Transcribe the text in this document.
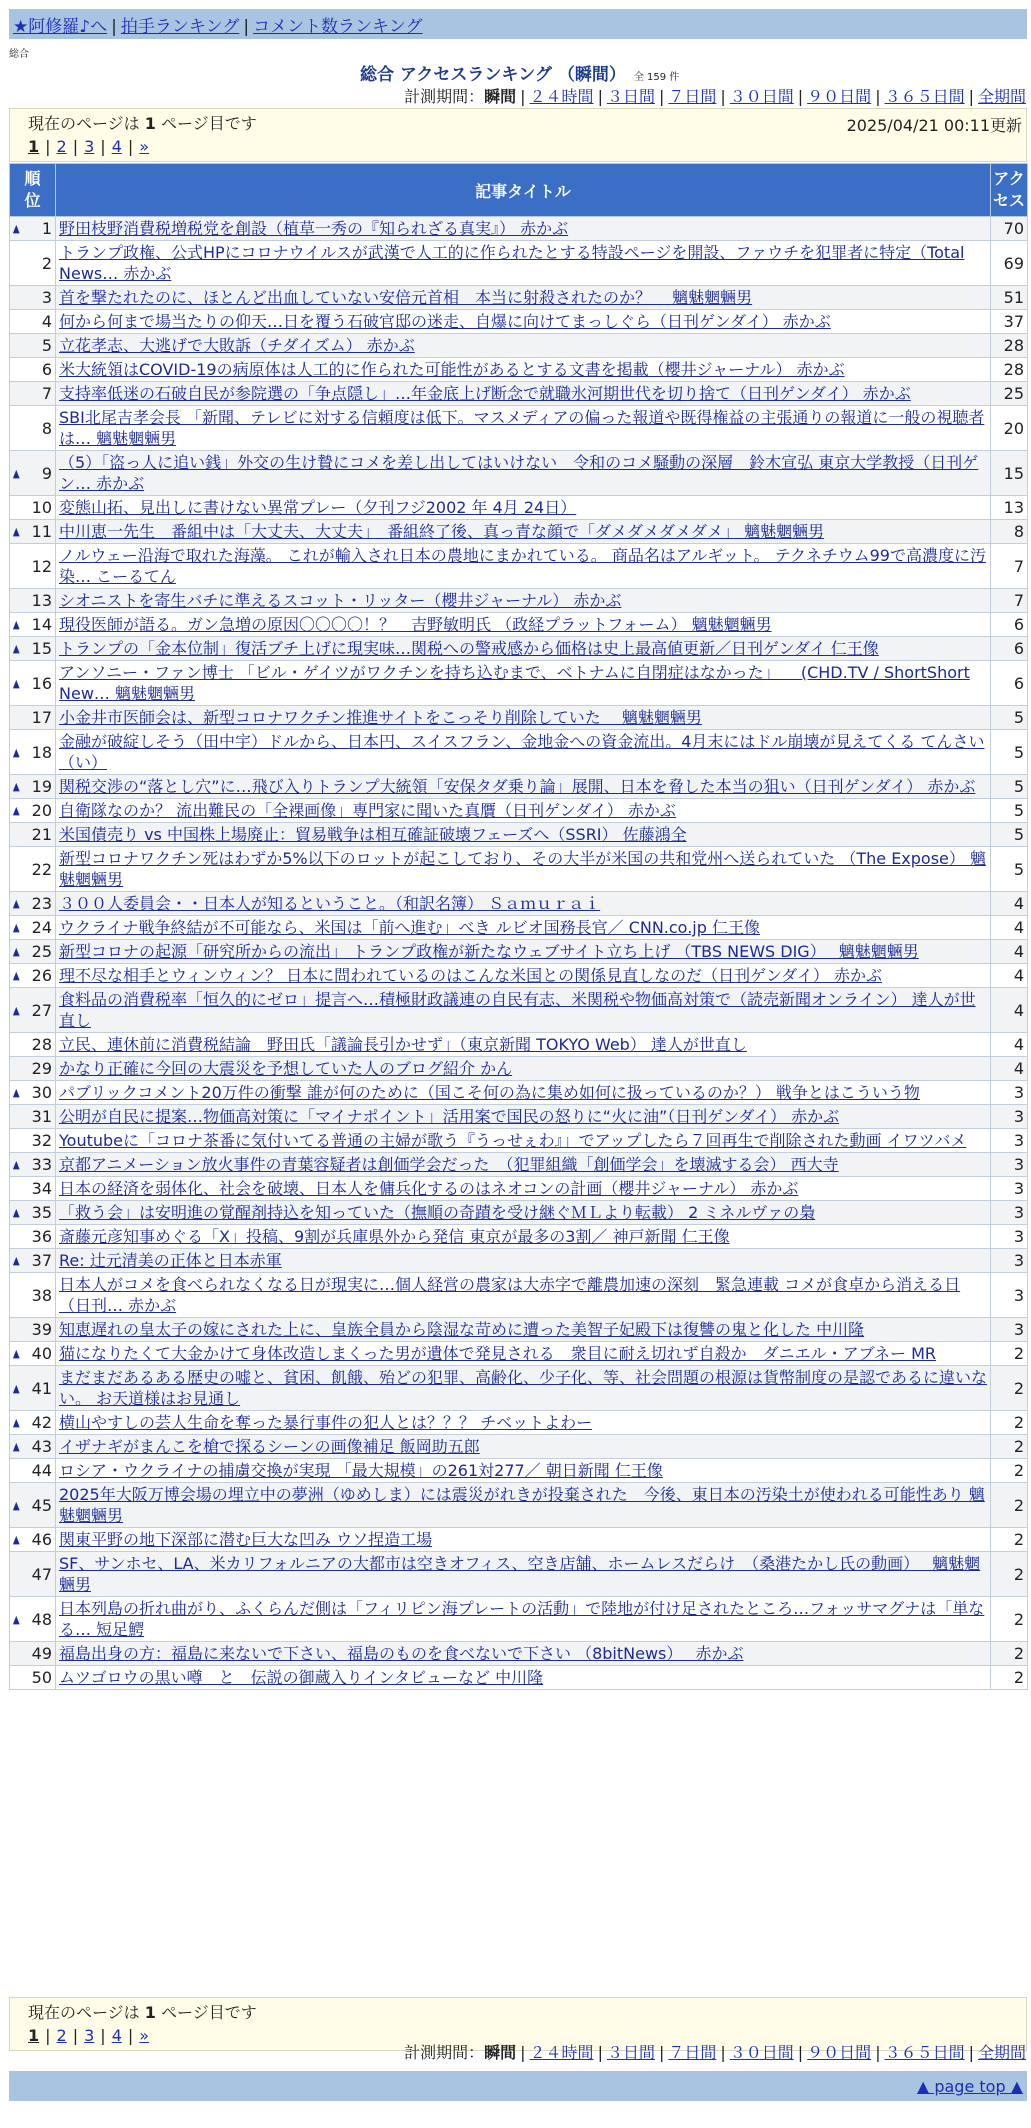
★阿修羅♪へ | 拍手ランキング | コメント数ランキング
総合
総合 アクセスランキング （瞬間） 全 159 件
計測期間：瞬間 | ２４時間 | ３日間 | ７日間 | ３０日間 | ９０日間 | ３６５日間 | 全期間
現在のページは 1 ページ目です	2025/04/21 00:11更新
1 | 2 | 3 | 4 | »
順位	記事タイトル	アクセス

▲ 1	野田枝野消費税増税党を創設（植草一秀の『知られざる真実』） 赤かぶ	70
2	トランプ政権、公式HPにコロナウイルスが武漢で人工的に作られたとする特設ページを開設、ファウチを犯罪者に特定（Total News… 赤かぶ	69
3	首を撃たれたのに、ほとんど出血していない安倍元首相　本当に射殺されたのか？　 魑魅魍魎男	51
4	何から何まで場当たりの仰天…日を覆う石破官邸の迷走、自爆に向けてまっしぐら（日刊ゲンダイ） 赤かぶ	37
5	立花孝志、大逃げで大敗訴（チダイズム） 赤かぶ	28
6	米大統領はCOVID-19の病原体は人工的に作られた可能性があるとする文書を掲載（櫻井ジャーナル） 赤かぶ	28
7	支持率低迷の石破自民が参院選の「争点隠し」…年金底上げ断念で就職氷河期世代を切り捨て（日刊ゲンダイ） 赤かぶ	25
8	SBI北尾吉孝会長 「新聞、テレビに対する信頼度は低下。マスメディアの偏った報道や既得権益の主張通りの報道に一般の視聴者は… 魑魅魍魎男	20

▲ 9	（5）「盗っ人に追い銭」外交の生け贄にコメを差し出してはいけない　令和のコメ騒動の深層　鈴木宣弘 東京大学教授（日刊ゲン… 赤かぶ	15
10	変態山拓、見出しに書けない異常プレー（夕刊フジ2002 年 4月 24日）	13

▲ 11	中川恵一先生　番組中は「大丈夫、大丈夫」　番組終了後、真っ青な顔で「ダメダメダメダメ」 魑魅魍魎男	8
12	ノルウェー沿海で取れた海藻。 これが輸入され日本の農地にまかれている。 商品名はアルギット。 テクネチウム99で高濃度に汚染… こーるてん	7
13	シオニストを寄生バチに準えるスコット・リッター（櫻井ジャーナル） 赤かぶ	7

▲ 14	現役医師が語る。ガン急増の原因〇〇〇〇！？　吉野敏明氏 （政経プラットフォーム） 魑魅魍魎男	6

▲ 15	トランプの「金本位制」復活ブチ上げに現実味…関税への警戒感から価格は史上最高値更新／日刊ゲンダイ 仁王像	6

▲ 16	アンソニー・ファン博士 「ビル・ゲイツがワクチンを持ち込むまで、ベトナムに自閉症はなかった」 　(CHD.TV / ShortShort New… 魑魅魍魎男	6
17	小金井市医師会は、新型コロナワクチン推進サイトをこっそり削除していた　 魑魅魍魎男	5

▲ 18	金融が破綻しそう（田中宇）ドルから、日本円、スイスフラン、金地金への資金流出。4月末にはドル崩壊が見えてくる てんさい（い）	5

▲ 19	関税交渉の“落とし穴”に…飛び入りトランプ大統領「安保タダ乗り論」展開、日本を脅した本当の狙い（日刊ゲンダイ） 赤かぶ	5

▲ 20	自衛隊なのか？ 流出難民の「全裸画像」専門家に聞いた真贋（日刊ゲンダイ） 赤かぶ	5
21	米国債売り vs 中国株上場廃止：貿易戦争は相互確証破壊フェーズへ（SSRI） 佐藤鴻全	5
22	新型コロナワクチン死はわずか5%以下のロットが起こしており、その大半が米国の共和党州へ送られていた （The Expose） 魑魅魍魎男	5

▲ 23	３００人委員会・・日本人が知るということ。（和訳名簿） Ｓａｍｕｒａｉ	4

▲ 24	ウクライナ戦争終結が不可能なら、米国は「前へ進む」べき ルビオ国務長官／ CNN.co.jp 仁王像	4

▲ 25	新型コロナの起源「研究所からの流出」 トランプ政権が新たなウェブサイト立ち上げ （TBS NEWS DIG）　 魑魅魍魎男	4

▲ 26	理不尽な相手とウィンウィン？ 日本に問われているのはこんな米国との関係見直しなのだ（日刊ゲンダイ） 赤かぶ	4

▲ 27	食料品の消費税率「恒久的にゼロ」提言へ…積極財政議連の自民有志、米関税や物価高対策で（読売新聞オンライン） 達人が世直し	4
28	立民、連休前に消費税結論　野田氏「議論長引かせず」（東京新聞 TOKYO Web） 達人が世直し	4
29	かなり正確に今回の大震災を予想していた人のブログ紹介 かん	4

▲ 30	パブリックコメント20万件の衝撃 誰が何のために（国こそ何の為に集め如何に扱っているのか？） 戦争とはこういう物	3
31	公明が自民に提案…物価高対策に「マイナポイント」活用案で国民の怒りに“火に油”（日刊ゲンダイ） 赤かぶ	3
32	Youtubeに「コロナ茶番に気付いてる普通の主婦が歌う『うっせぇわ』」でアップしたら７回再生で削除された動画 イワツバメ	3

▲ 33	京都アニメーション放火事件の青葉容疑者は創価学会だった　（犯罪組織「創価学会」を壊滅する会） 西大寺	3
34	日本の経済を弱体化、社会を破壊、日本人を傭兵化するのはネオコンの計画（櫻井ジャーナル） 赤かぶ	3

▲ 35	「救う会」は安明進の覚醒剤持込を知っていた（撫順の奇蹟を受け継ぐＭＬより転載） 2 ミネルヴァの梟	3
36	斎藤元彦知事めぐる「X」投稿、9割が兵庫県外から発信 東京が最多の3割／ 神戸新聞 仁王像	3

▲ 37	Re: 辻元清美の正体と日本赤軍	3
38	日本人がコメを食べられなくなる日が現実に…個人経営の農家は大赤字で離農加速の深刻　緊急連載 コメが食卓から消える日（日刊… 赤かぶ	3
39	知恵遅れの皇太子の嫁にされた上に、皇族全員から陰湿な苛めに遭った美智子妃殿下は復讐の鬼と化した 中川隆	3

▲ 40	猫になりたくて大金かけて身体改造しまくった男が遺体で発見される　衆目に耐え切れず自殺か　ダニエル・アブネー MR	2

▲ 41	まだまだあるある歴史の嘘と、貧困、飢餓、殆どの犯罪、高齢化、少子化、等、社会問題の根源は貨幣制度の是認であるに違いない。 お天道様はお見通し	2

▲ 42	横山やすしの芸人生命を奪った暴行事件の犯人とは？？？ チベットよわー	2

▲ 43	イザナギがまんこを槍で探るシーンの画像補足 飯岡助五郎	2
44	ロシア・ウクライナの捕虜交換が実現 「最大規模」の261対277／ 朝日新聞 仁王像	2

▲ 45	2025年大阪万博会場の埋立中の夢洲（ゆめしま）には震災がれきが投棄された　今後、東日本の汚染土が使われる可能性あり 魑魅魍魎男	2

▲ 46	関東平野の地下深部に潜む巨大な凹み ウソ捏造工場	2
47	SF、サンホセ、LA、米カリフォルニアの大都市は空きオフィス、空き店舗、ホームレスだらけ　（桑港たかし氏の動画）　 魑魅魍魎男	2

▲ 48	日本列島の折れ曲がり、ふくらんだ側は「フィリピン海プレートの活動」で陸地が付け足されたところ…フォッサマグナは「単なる… 短足鰐	2
49	福島出身の方：福島に来ないで下さい、福島のものを食べないで下さい （8bitNews）　 赤かぶ	2
50	ムツゴロウの黒い噂　と　伝説の御蔵入りインタビューなど 中川隆	2
現在のページは 1 ページ目です
1 | 2 | 3 | 4 | »
計測期間：瞬間 | ２４時間 | ３日間 | ７日間 | ３０日間 | ９０日間 | ３６５日間 | 全期間
▲ page top ▲
